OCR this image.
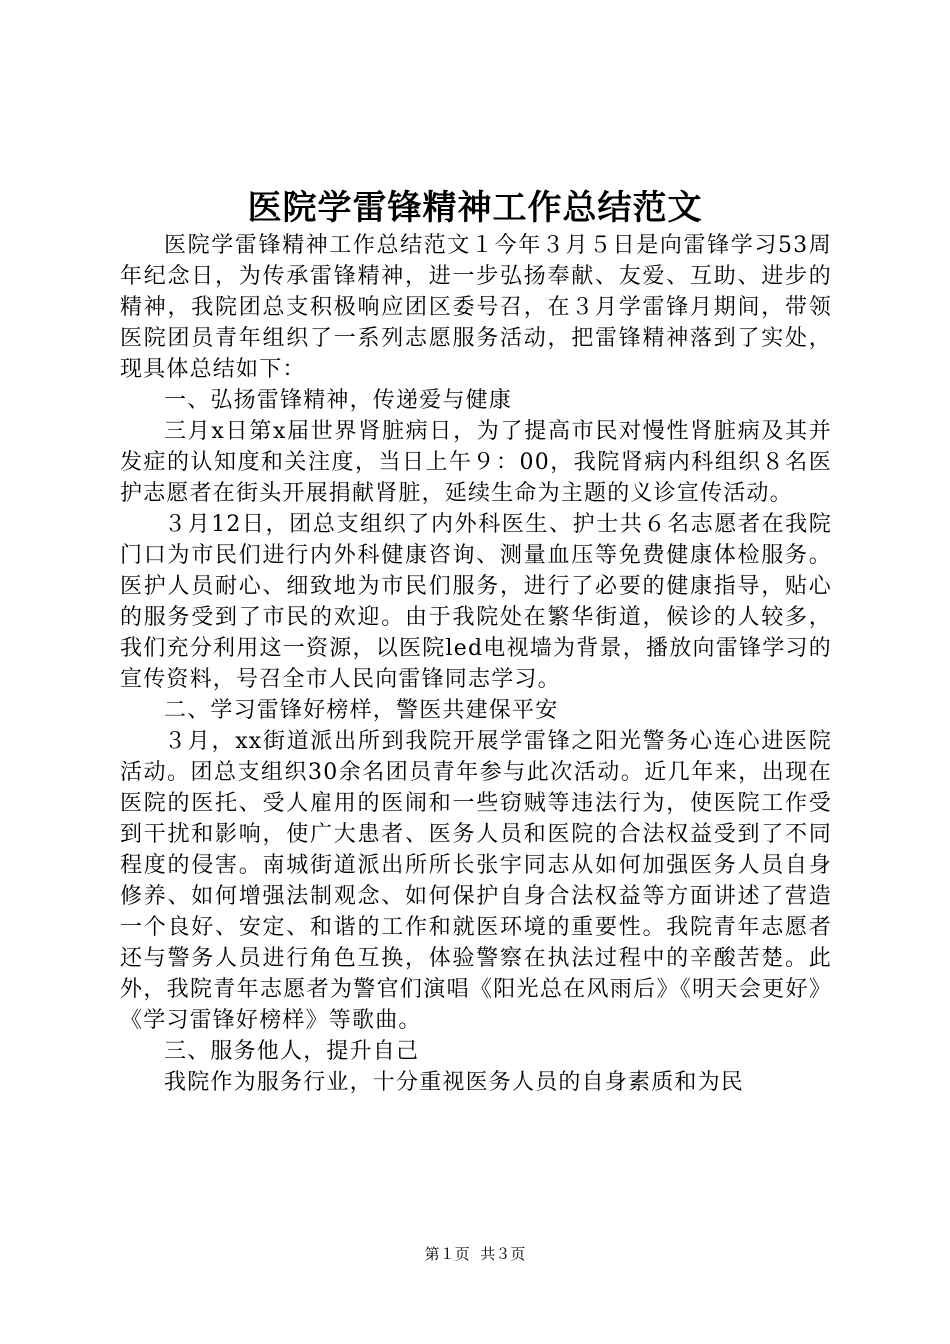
医院学雷锋精神工作总结范文

医院学雷锋精神工作总结范文１今年３月５日是向雷锋学习53周年纪念日，为传承雷锋精神，进一步弘扬奉献、友爱、互助、进步的精神，我院团总支积极响应团区委号召，在３月学雷锋月期间，带领医院团员青年组织了一系列志愿服务活动，把雷锋精神落到了实处，现具体总结如下：

一、弘扬雷锋精神，传递爱与健康

三月x日第x届世界肾脏病日，为了提高市民对慢性肾脏病及其并发症的认知度和关注度，当日上午９：00，我院肾病内科组织８名医护志愿者在街头开展捐献肾脏，延续生命为主题的义诊宣传活动。

３月12日，团总支组织了内外科医生、护士共６名志愿者在我院门口为市民们进行内外科健康咨询、测量血压等免费健康体检服务。医护人员耐心、细致地为市民们服务，进行了必要的健康指导，贴心的服务受到了市民的欢迎。由于我院处在繁华街道，候诊的人较多，我们充分利用这一资源，以医院led电视墙为背景，播放向雷锋学习的宣传资料，号召全市人民向雷锋同志学习。

二、学习雷锋好榜样，警医共建保平安

３月，xx街道派出所到我院开展学雷锋之阳光警务心连心进医院活动。团总支组织30余名团员青年参与此次活动。近几年来，出现在医院的医托、受人雇用的医闹和一些窃贼等违法行为，使医院工作受到干扰和影响，使广大患者、医务人员和医院的合法权益受到了不同程度的侵害。南城街道派出所所长张宇同志从如何加强医务人员自身修养、如何增强法制观念、如何保护自身合法权益等方面讲述了营造一个良好、安定、和谐的工作和就医环境的重要性。我院青年志愿者还与警务人员进行角色互换，体验警察在执法过程中的辛酸苦楚。此外，我院青年志愿者为警官们演唱《阳光总在风雨后》《明天会更好》《学习雷锋好榜样》等歌曲。

三、服务他人，提升自己

我院作为服务行业，十分重视医务人员的自身素质和为民

第１页 共３页
